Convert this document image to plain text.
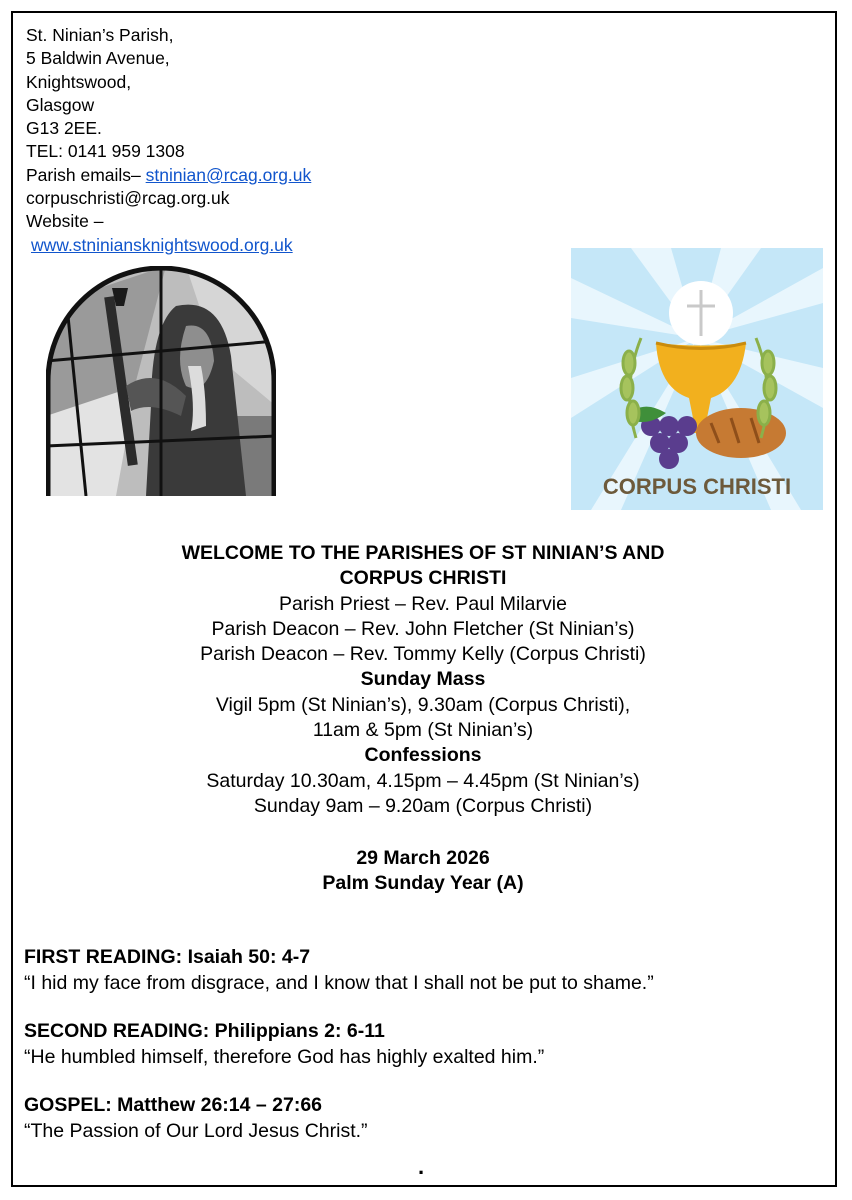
St. Ninian’s Parish,
5 Baldwin Avenue,
Knightswood,
Glasgow
G13 2EE.
TEL: 0141 959 1308
Parish emails– stninian@rcag.org.uk
corpuschristi@rcag.org.uk
Website –
www.stniniansknightswood.org.uk
CORPUS CHRISTI
WELCOME TO THE PARISHES OF ST NINIAN’S AND
CORPUS CHRISTI
Parish Priest – Rev. Paul Milarvie
Parish Deacon – Rev. John Fletcher (St Ninian’s)
Parish Deacon – Rev. Tommy Kelly (Corpus Christi)
Sunday Mass
Vigil 5pm (St Ninian’s), 9.30am (Corpus Christi),
11am & 5pm (St Ninian’s)
Confessions
Saturday 10.30am, 4.15pm – 4.45pm (St Ninian’s)
Sunday 9am – 9.20am (Corpus Christi)
29 March 2026
Palm Sunday Year (A)
FIRST READING: Isaiah 50: 4-7
“I hid my face from disgrace, and I know that I shall not be put to shame.”
SECOND READING: Philippians 2: 6-11
“He humbled himself, therefore God has highly exalted him.”
GOSPEL: Matthew 26:14 – 27:66
“The Passion of Our Lord Jesus Christ.”
.
